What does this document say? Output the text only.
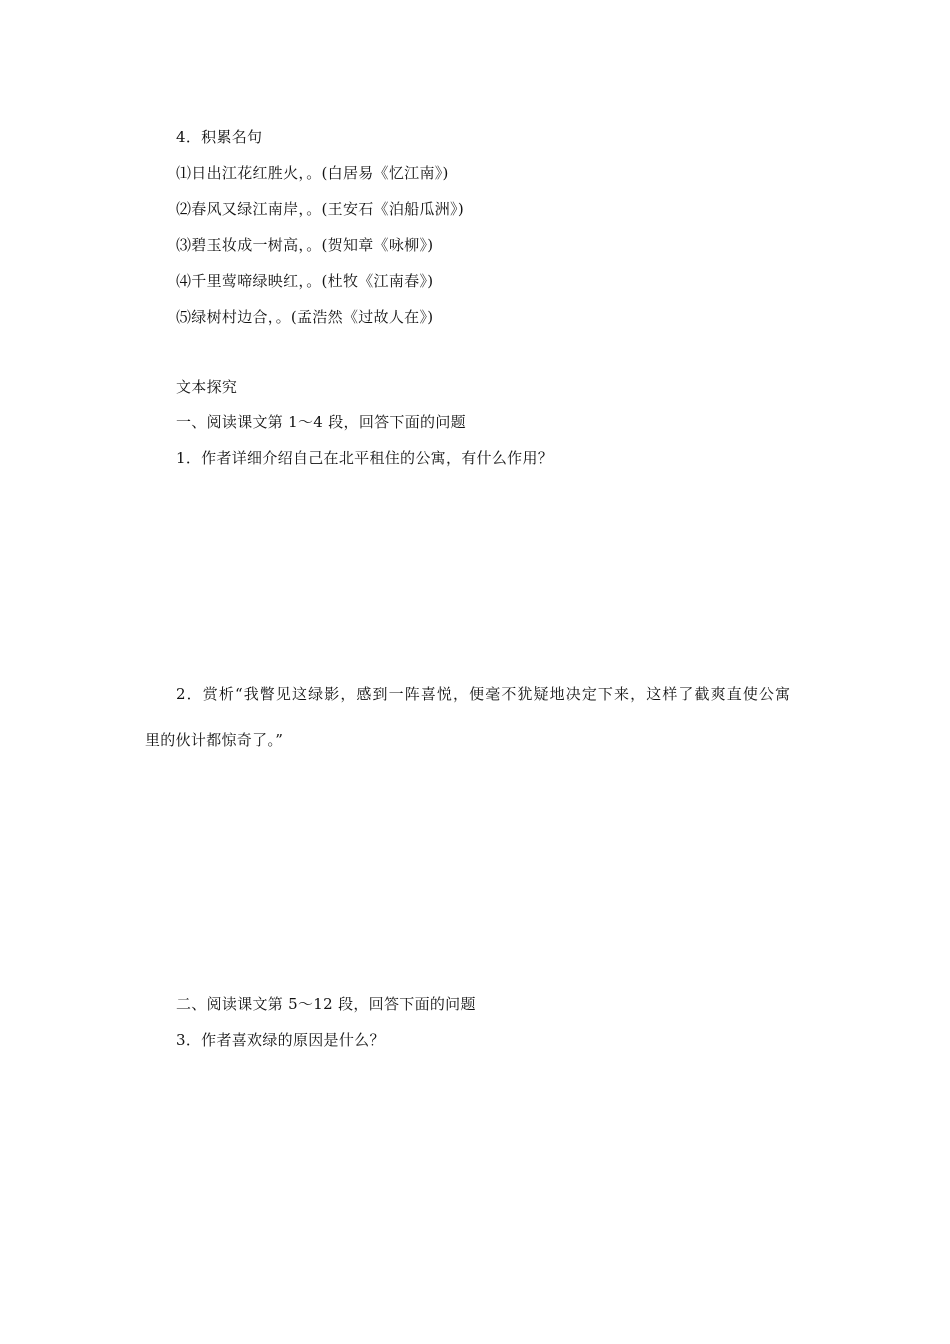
4．积累名句
⑴日出江花红胜火，。(白居易《忆江南》)
⑵春风又绿江南岸，。(王安石《泊船瓜洲》)
⑶碧玉妆成一树高，。(贺知章《咏柳》)
⑷千里莺啼绿映红，。(杜牧《江南春》)
⑸绿树村边合，。(孟浩然《过故人在》)
文本探究
一、阅读课文第 1～4 段，回答下面的问题
1．作者详细介绍自己在北平租住的公寓，有什么作用？
2．赏析“我瞥见这绿影，感到一阵喜悦，便毫不犹疑地决定下来，这样了截爽直使公寓
里的伙计都惊奇了。”
二、阅读课文第 5～12 段，回答下面的问题
3．作者喜欢绿的原因是什么？
